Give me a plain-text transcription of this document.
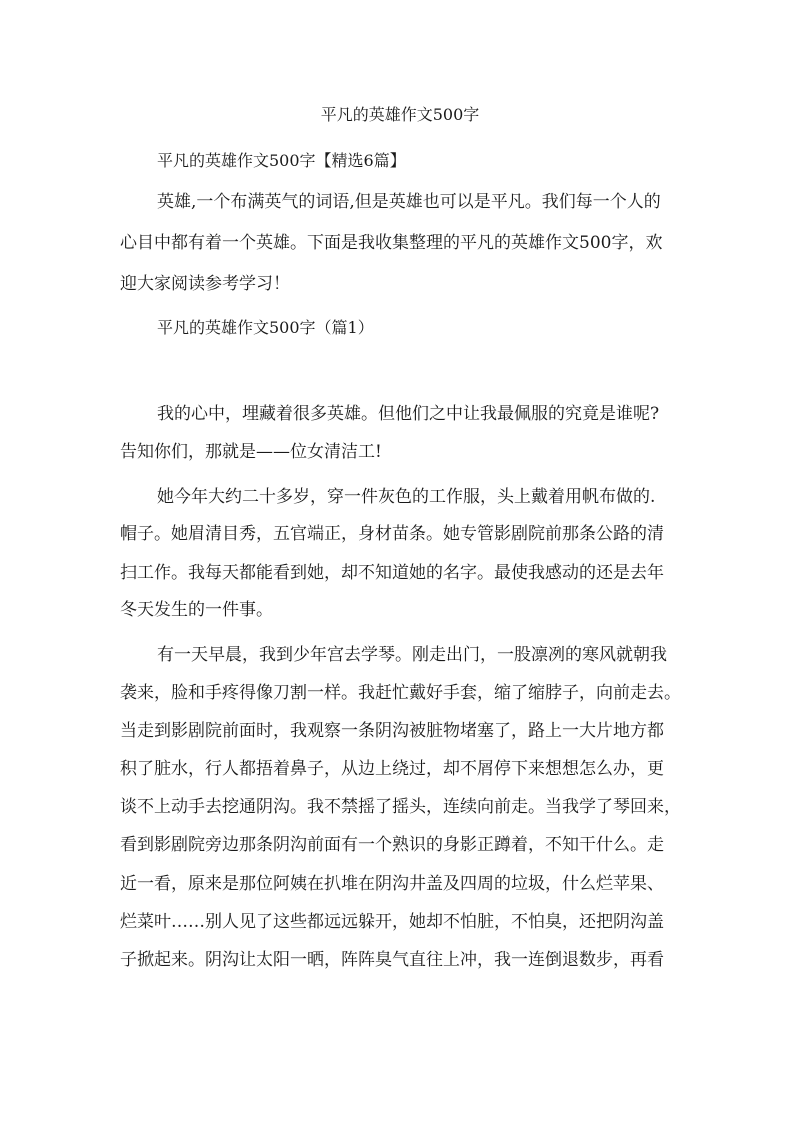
平凡的英雄作文500字
平凡的英雄作文500字【精选6篇】
英雄,一个布满英气的词语,但是英雄也可以是平凡。我们每一个人的
心目中都有着一个英雄。下面是我收集整理的平凡的英雄作文500字，欢
迎大家阅读参考学习！
平凡的英雄作文500字（篇1）
我的心中，埋藏着很多英雄。但他们之中让我最佩服的究竟是谁呢?
告知你们，那就是——位女清洁工!
她今年大约二十多岁，穿一件灰色的工作服，头上戴着用帆布做的.
帽子。她眉清目秀，五官端正，身材苗条。她专管影剧院前那条公路的清
扫工作。我每天都能看到她，却不知道她的名字。最使我感动的还是去年
冬天发生的一件事。
有一天早晨，我到少年宫去学琴。刚走出门，一股凛冽的寒风就朝我
袭来，脸和手疼得像刀割一样。我赶忙戴好手套，缩了缩脖子，向前走去。
当走到影剧院前面时，我观察一条阴沟被脏物堵塞了，路上一大片地方都
积了脏水，行人都捂着鼻子，从边上绕过，却不屑停下来想想怎么办，更
谈不上动手去挖通阴沟。我不禁摇了摇头，连续向前走。当我学了琴回来，
看到影剧院旁边那条阴沟前面有一个熟识的身影正蹲着，不知干什么。走
近一看，原来是那位阿姨在扒堆在阴沟井盖及四周的垃圾，什么烂苹果、
烂菜叶……别人见了这些都远远躲开，她却不怕脏，不怕臭，还把阴沟盖
子掀起来。阴沟让太阳一晒，阵阵臭气直往上冲，我一连倒退数步，再看
